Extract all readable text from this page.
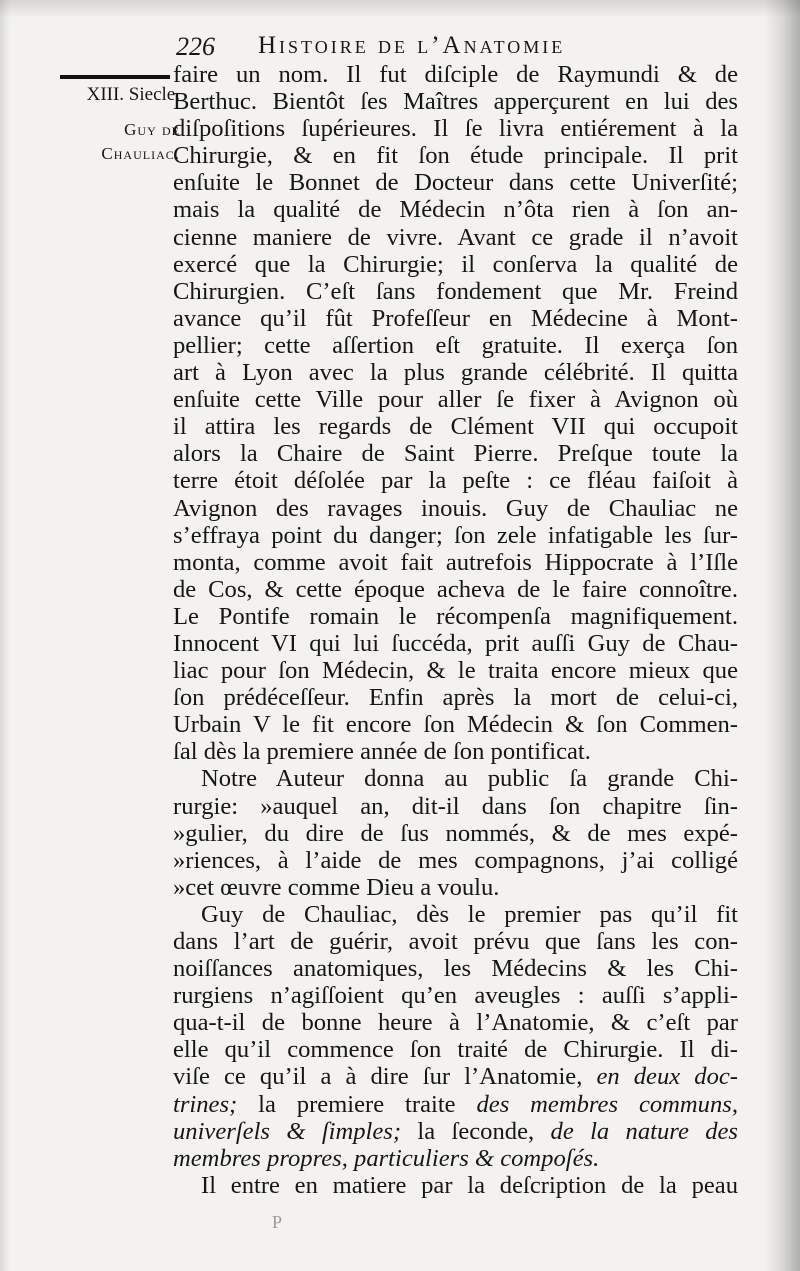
226 Histoire de l’Anatomie
XIII. Siecle.
Guy de
Chauliac.
faire un nom. Il fut diſciple de Raymundi & de
Berthuc. Bientôt ſes Maîtres apperçurent en lui des
diſpoſitions ſupérieures. Il ſe livra entiérement à la
Chirurgie, & en fit ſon étude principale. Il prit
enſuite le Bonnet de Docteur dans cette Univerſité;
mais la qualité de Médecin n’ôta rien à ſon an-
cienne maniere de vivre. Avant ce grade il n’avoit
exercé que la Chirurgie; il conſerva la qualité de
Chirurgien. C’eſt ſans fondement que Mr. Freind
avance qu’il fût Profeſſeur en Médecine à Mont-
pellier; cette aſſertion eſt gratuite. Il exerça ſon
art à Lyon avec la plus grande célébrité. Il quitta
enſuite cette Ville pour aller ſe fixer à Avignon où
il attira les regards de Clément VII qui occupoit
alors la Chaire de Saint Pierre. Preſque toute la
terre étoit déſolée par la peſte : ce fléau faiſoit à
Avignon des ravages inouis. Guy de Chauliac ne
s’effraya point du danger; ſon zele infatigable les ſur-
monta, comme avoit fait autrefois Hippocrate à l’Iſle
de Cos, & cette époque acheva de le faire connoître.
Le Pontife romain le récompenſa magnifiquement.
Innocent VI qui lui ſuccéda, prit auſſi Guy de Chau-
liac pour ſon Médecin, & le traita encore mieux que
ſon prédéceſſeur. Enfin après la mort de celui-ci,
Urbain V le fit encore ſon Médecin & ſon Commen-
ſal dès la premiere année de ſon pontificat.
Notre Auteur donna au public ſa grande Chi-
rurgie: »auquel an, dit-il dans ſon chapitre ſin-
»gulier, du dire de ſus nommés, & de mes expé-
»riences, à l’aide de mes compagnons, j’ai colligé
»cet œuvre comme Dieu a voulu.
Guy de Chauliac, dès le premier pas qu’il fit
dans l’art de guérir, avoit prévu que ſans les con-
noiſſances anatomiques, les Médecins & les Chi-
rurgiens n’agiſſoient qu’en aveugles : auſſi s’appli-
qua-t-il de bonne heure à l’Anatomie, & c’eſt par
elle qu’il commence ſon traité de Chirurgie. Il di-
viſe ce qu’il a à dire ſur l’Anatomie, en deux doc-
trines; la premiere traite des membres communs,
univerſels & ſimples; la ſeconde, de la nature des
membres propres, particuliers & compoſés.
Il entre en matiere par la deſcription de la peau
P
